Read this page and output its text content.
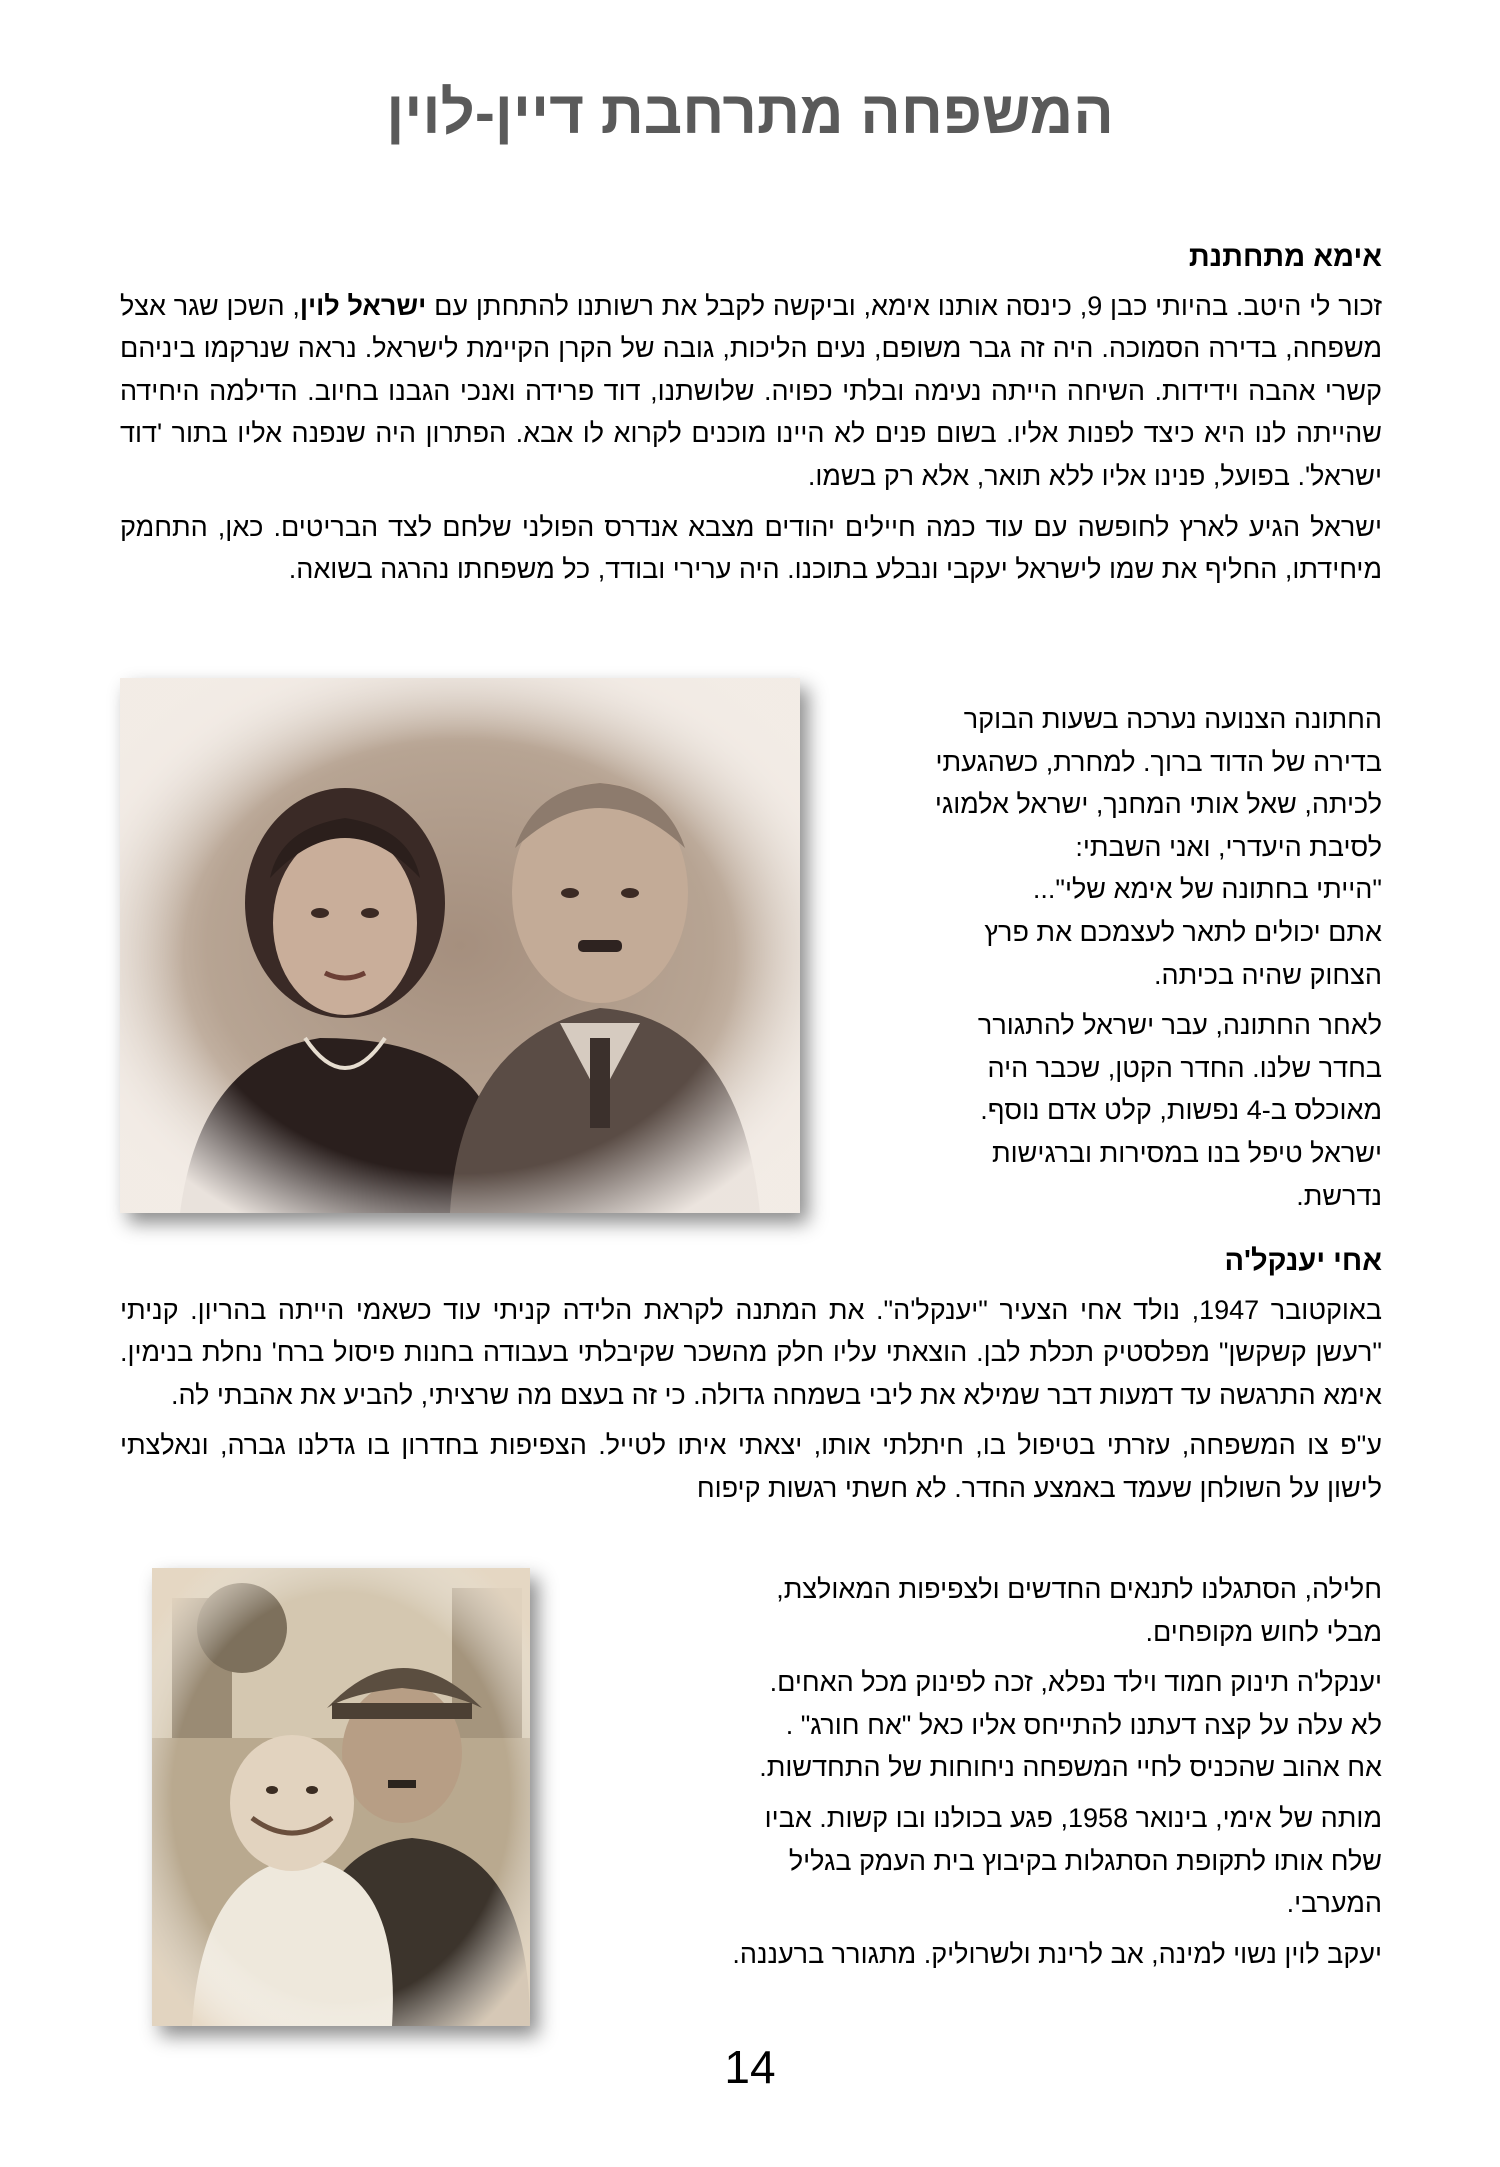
המשפחה מתרחבת דיין-לוין
אימא מתחתנת

זכור לי היטב. בהיותי כבן 9, כינסה אותנו אימא, וביקשה לקבל את רשותנו להתחתן עם ישראל לוין, השכן שגר אצל משפחה, בדירה הסמוכה. היה זה גבר משופם, נעים הליכות, גובה של הקרן הקיימת לישראל. נראה שנרקמו ביניהם קשרי אהבה וידידות. השיחה הייתה נעימה ובלתי כפויה. שלושתנו, דוד פרידה ואנכי הגבנו בחיוב. הדילמה היחידה שהייתה לנו היא כיצד לפנות אליו. בשום פנים לא היינו מוכנים לקרוא לו אבא. הפתרון היה שנפנה אליו בתור 'דוד ישראל'. בפועל, פנינו אליו ללא תואר, אלא רק בשמו.

ישראל הגיע לארץ לחופשה עם עוד כמה חיילים יהודים מצבא אנדרס הפולני שלחם לצד הבריטים. כאן, התחמק מיחידתו, החליף את שמו לישראל יעקבי ונבלע בתוכנו. היה ערירי ובודד, כל משפחתו נהרגה בשואה.

החתונה הצנועה נערכה בשעות הבוקר
בדירה של הדוד ברוך. למחרת, כשהגעתי
לכיתה, שאל אותי המחנך, ישראל אלמוגי
לסיבת היעדרי, ואני השבתי:
"הייתי בחתונה של אימא שלי"...
אתם יכולים לתאר לעצמכם את פרץ
הצחוק שהיה בכיתה.

לאחר החתונה, עבר ישראל להתגורר
בחדר שלנו. החדר הקטן, שכבר היה
מאוכלס ב-4 נפשות, קלט אדם נוסף.
ישראל טיפל בנו במסירות וברגישות
נדרשת.

אחי יענקל'ה

באוקטובר 1947, נולד אחי הצעיר "יענקל'ה". את המתנה לקראת הלידה קניתי עוד כשאמי הייתה בהריון. קניתי "רעשן קשקשן" מפלסטיק תכלת לבן. הוצאתי עליו חלק מהשכר שקיבלתי בעבודה בחנות פיסול ברח' נחלת בנימין. אימא התרגשה עד דמעות דבר שמילא את ליבי בשמחה גדולה. כי זה בעצם מה שרציתי, להביע את אהבתי לה.

ע"פ צו המשפחה, עזרתי בטיפול בו, חיתלתי אותו, יצאתי איתו לטייל. הצפיפות בחדרון בו גדלנו גברה, ונאלצתי לישון על השולחן שעמד באמצע החדר. לא חשתי רגשות קיפוח

חלילה, הסתגלנו לתנאים החדשים ולצפיפות המאולצת,
מבלי לחוש מקופחים.

יענקל'ה תינוק חמוד וילד נפלא, זכה לפינוק מכל האחים.
לא עלה על קצה דעתנו להתייחס אליו כאל "אח חורג" .
אח אהוב שהכניס לחיי המשפחה ניחוחות של התחדשות.

מותה של אימי, בינואר 1958, פגע בכולנו ובו קשות. אביו
שלח אותו לתקופת הסתגלות בקיבוץ בית העמק בגליל
המערבי.

יעקב לוין נשוי למינה, אב לרינת ולשרוליק. מתגורר ברעננה.

14
